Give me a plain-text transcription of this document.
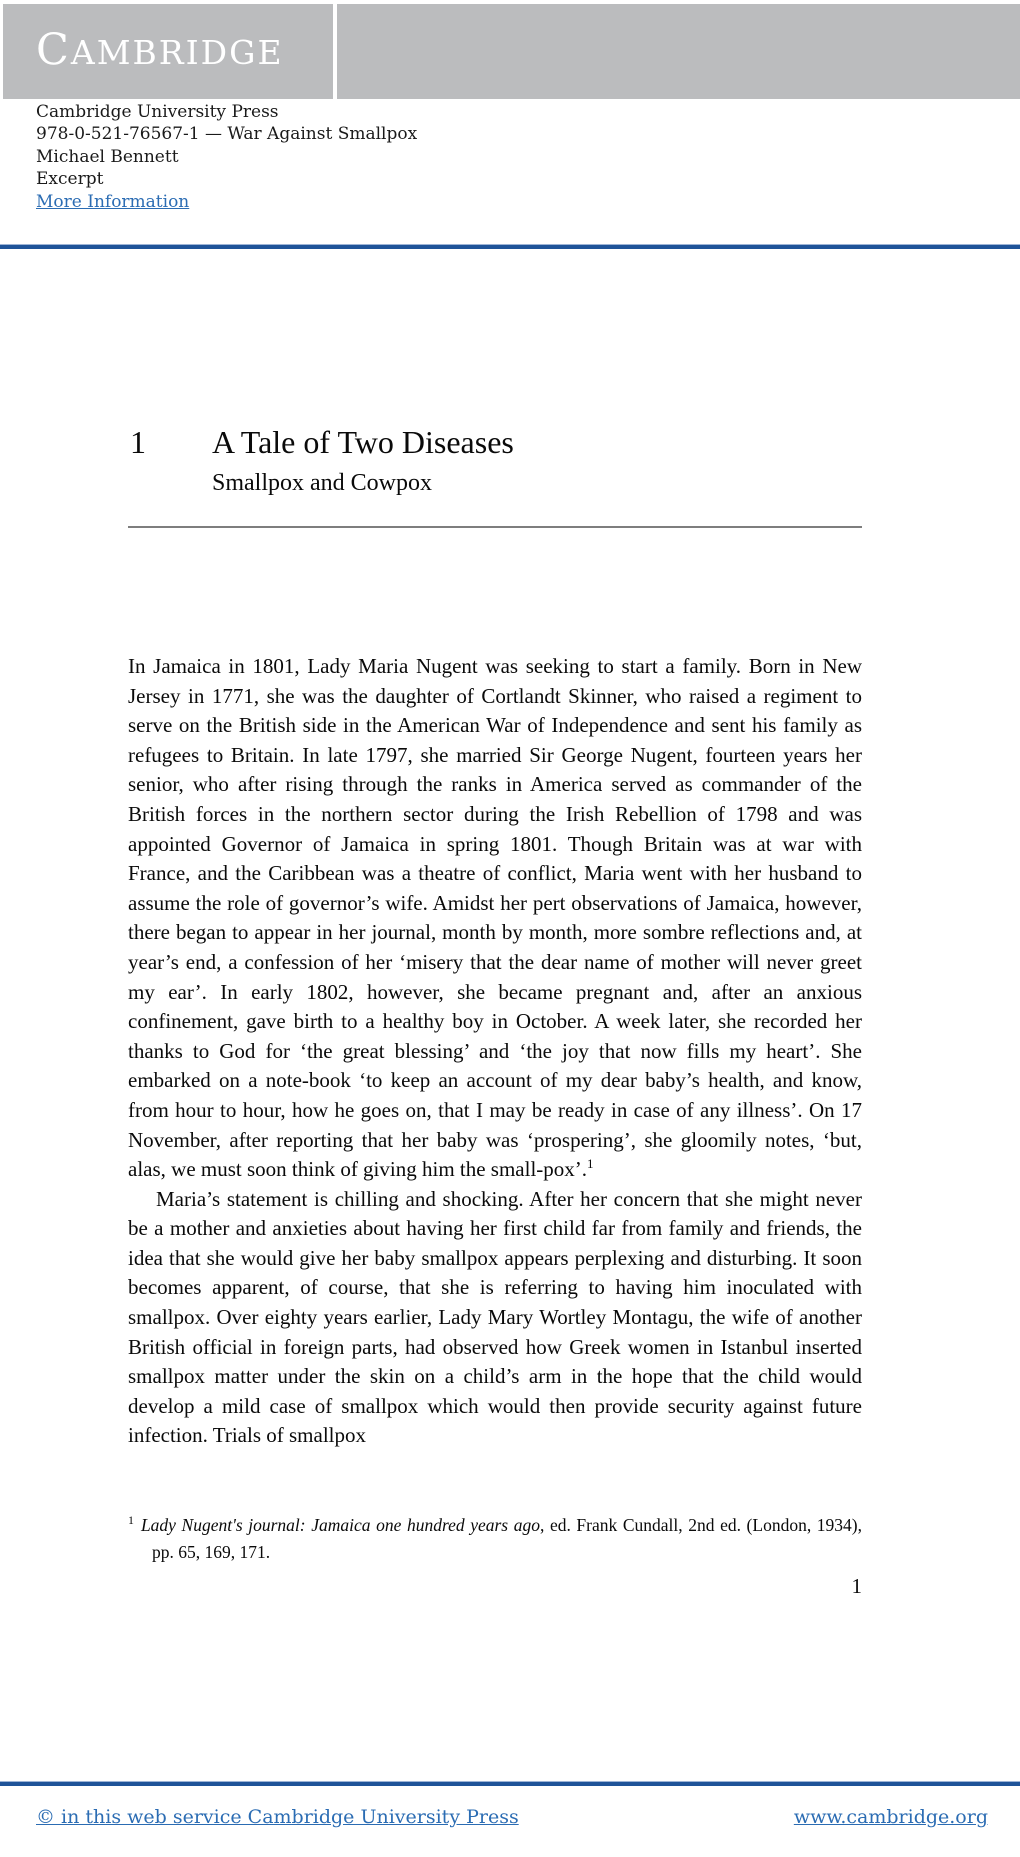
CAMBRIDGE
Cambridge University Press
978-0-521-76567-1 — War Against Smallpox
Michael Bennett
Excerpt
More Information
1 A Tale of Two Diseases
Smallpox and Cowpox

In Jamaica in 1801, Lady Maria Nugent was seeking to start a family. Born in New Jersey in 1771, she was the daughter of Cortlandt Skinner, who raised a regiment to serve on the British side in the American War of Independence and sent his family as refugees to Britain. In late 1797, she married Sir George Nugent, fourteen years her senior, who after rising through the ranks in America served as commander of the British forces in the northern sector during the Irish Rebellion of 1798 and was appointed Governor of Jamaica in spring 1801. Though Britain was at war with France, and the Caribbean was a theatre of conflict, Maria went with her husband to assume the role of governor’s wife. Amidst her pert observations of Jamaica, however, there began to appear in her journal, month by month, more sombre reflections and, at year’s end, a confession of her ‘misery that the dear name of mother will never greet my ear’. In early 1802, however, she became pregnant and, after an anxious confinement, gave birth to a healthy boy in October. A week later, she recorded her thanks to God for ‘the great blessing’ and ‘the joy that now fills my heart’. She embarked on a note-book ‘to keep an account of my dear baby’s health, and know, from hour to hour, how he goes on, that I may be ready in case of any illness’. On 17 November, after reporting that her baby was ‘prospering’, she gloomily notes, ‘but, alas, we must soon think of giving him the small-pox’.$^1$

Maria’s statement is chilling and shocking. After her concern that she might never be a mother and anxieties about having her first child far from family and friends, the idea that she would give her baby smallpox appears perplexing and disturbing. It soon becomes apparent, of course, that she is referring to having him inoculated with smallpox. Over eighty years earlier, Lady Mary Wortley Montagu, the wife of another British official in foreign parts, had observed how Greek women in Istanbul inserted smallpox matter under the skin on a child’s arm in the hope that the child would develop a mild case of smallpox which would then provide security against future infection. Trials of smallpox

$^1$ Lady Nugent's journal: Jamaica one hundred years ago, ed. Frank Cundall, 2nd ed. (London, 1934), pp. 65, 169, 171.
1
© in this web service Cambridge University Press	www.cambridge.org
